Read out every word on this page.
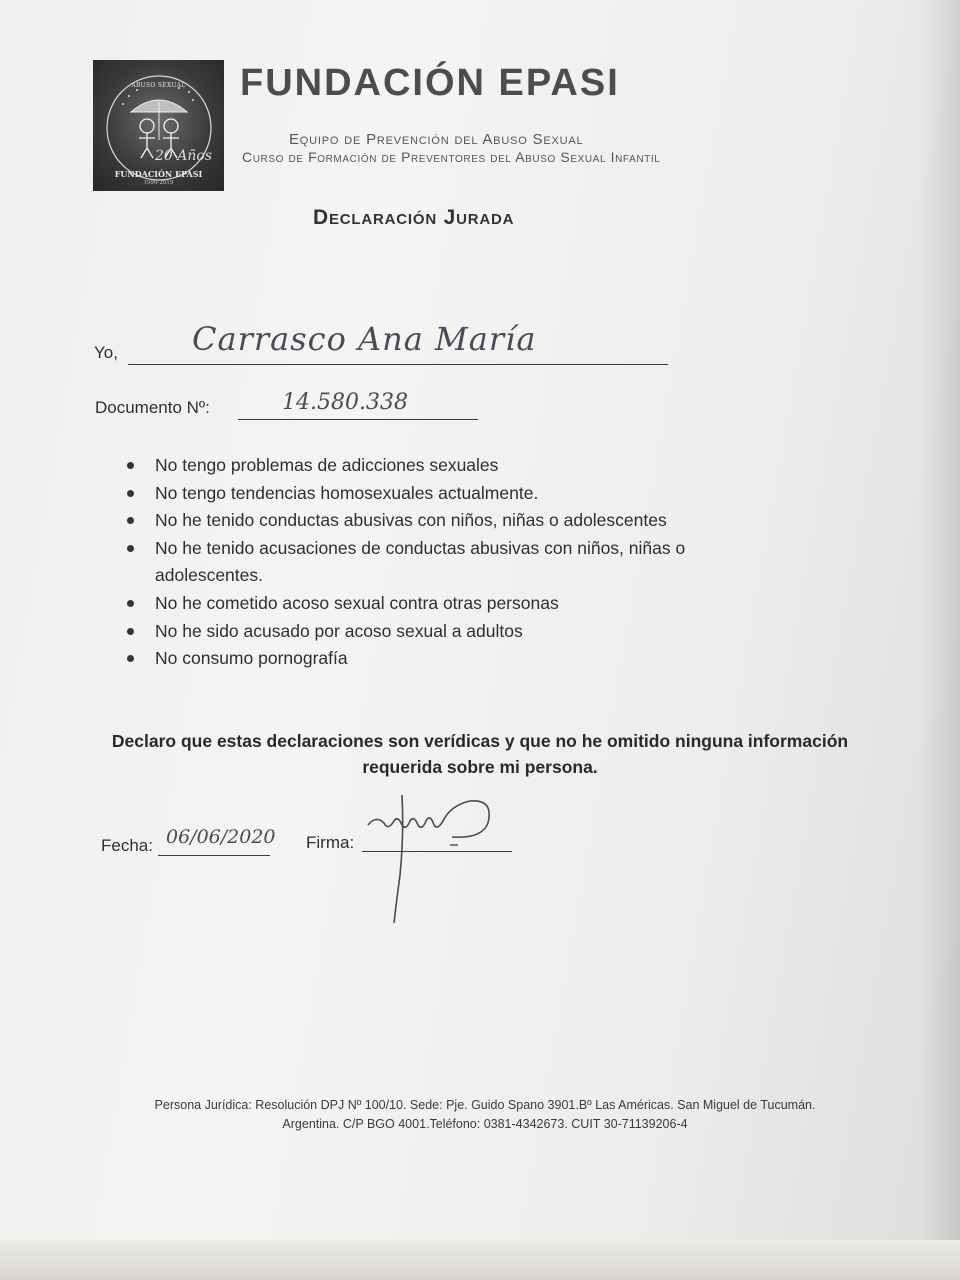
ABUSO SEXUAL
20 Años
FUNDACIÓN EPASI
1999-2019
FUNDACIÓN EPASI
Equipo de Prevención del Abuso Sexual
Curso de Formación de Preventores del Abuso Sexual Infantil
Declaración Jurada
Yo, Carrasco Ana María
Documento Nº:	14.580.338
No tengo problemas de adicciones sexuales
No tengo tendencias homosexuales actualmente.
No he tenido conductas abusivas con niños, niñas o adolescentes
No he tenido acusaciones de conductas abusivas con niños, niñas o adolescentes.
No he cometido acoso sexual contra otras personas
No he sido acusado por acoso sexual a adultos
No consumo pornografía
Declaro que estas declaraciones son verídicas y que no he omitido ninguna información requerida sobre mi persona.
Fecha: 06/06/2020 Firma:
Persona Jurídica: Resolución DPJ Nº 100/10. Sede: Pje. Guido Spano 3901.Bº Las Américas. San Miguel de Tucumán.
Argentina. C/P BGO 4001.Teléfono: 0381-4342673. CUIT 30-71139206-4
